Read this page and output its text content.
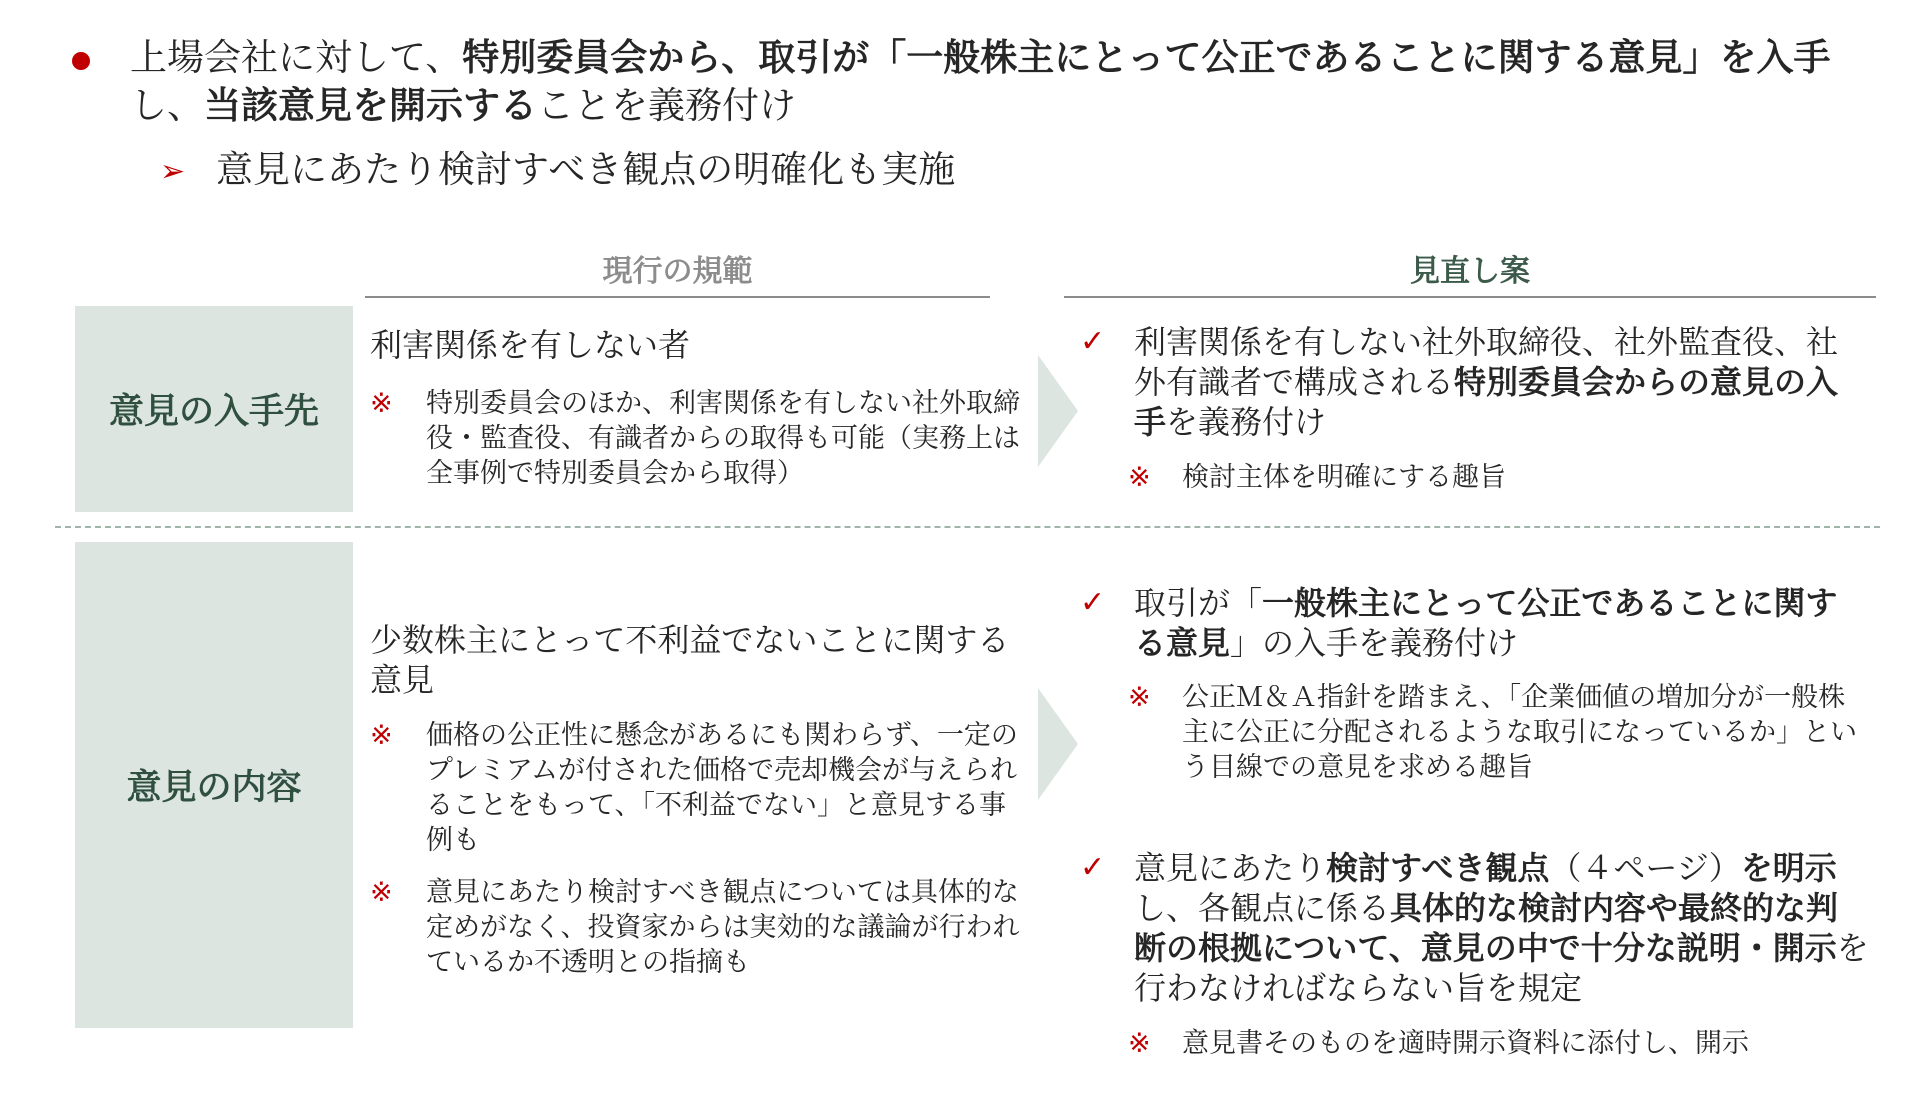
上場会社に対して、特別委員会から、取引が「一般株主にとって公正であることに関する意見」を入手し、当該意見を開示することを義務付け
➢ 意見にあたり検討すべき観点の明確化も実施
現行の規範	見直し案
意見の入手先
利害関係を有しない者
※ 特別委員会のほか、利害関係を有しない社外取締役・監査役、有識者からの取得も可能（実務上は全事例で特別委員会から取得）
✓ 利害関係を有しない社外取締役、社外監査役、社外有識者で構成される特別委員会からの意見の入手を義務付け
※ 検討主体を明確にする趣旨
意見の内容
少数株主にとって不利益でないことに関する意見
※ 価格の公正性に懸念があるにも関わらず、一定のプレミアムが付された価格で売却機会が与えられることをもって、「不利益でない」と意見する事例も
※ 意見にあたり検討すべき観点については具体的な定めがなく、投資家からは実効的な議論が行われているか不透明との指摘も
✓ 取引が「一般株主にとって公正であることに関する意見」の入手を義務付け
※ 公正Ｍ＆Ａ指針を踏まえ、「企業価値の増加分が一般株主に公正に分配されるような取引になっているか」という目線での意見を求める趣旨
✓ 意見にあたり検討すべき観点（４ページ）を明示し、各観点に係る具体的な検討内容や最終的な判断の根拠について、意見の中で十分な説明・開示を行わなければならない旨を規定
※ 意見書そのものを適時開示資料に添付し、開示
